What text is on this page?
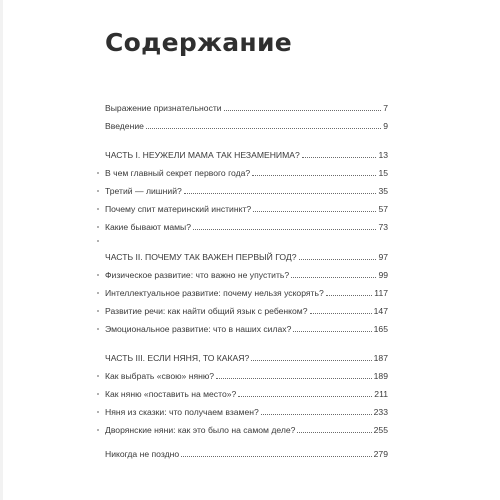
Содержание
Выражение признательности	7
Введение	9
ЧАСТЬ I. НЕУЖЕЛИ МАМА ТАК НЕЗАМЕНИМА?	13
В чем главный секрет первого года?	15
Третий — лишний?	35
Почему спит материнский инстинкт?	57
Какие бывают мамы?	73
ЧАСТЬ II. ПОЧЕМУ ТАК ВАЖЕН ПЕРВЫЙ ГОД?	97
Физическое развитие: что важно не упустить?	99
Интеллектуальное развитие: почему нельзя ускорять?	117
Развитие речи: как найти общий язык с ребенком?	147
Эмоциональное развитие: что в наших силах?	165
ЧАСТЬ III. ЕСЛИ НЯНЯ, ТО КАКАЯ?	187
Как выбрать «свою» няню?	189
Как няню «поставить на место»?	211
Няня из сказки: что получаем взамен?	233
Дворянские няни: как это было на самом деле?	255
Никогда не поздно	279
